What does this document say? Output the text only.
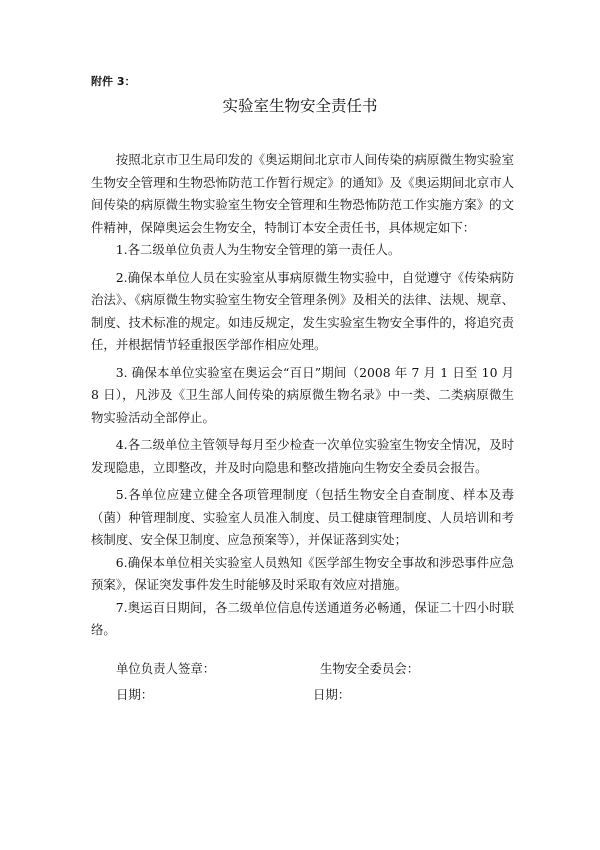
附件 3：
实验室生物安全责任书

按照北京市卫生局印发的《奥运期间北京市人间传染的病原微生物实验室生物安全管理和生物恐怖防范工作暂行规定》的通知》及《奥运期间北京市人间传染的病原微生物实验室生物安全管理和生物恐怖防范工作实施方案》的文件精神，保障奥运会生物安全，特制订本安全责任书，具体规定如下：

1.各二级单位负责人为生物安全管理的第一责任人。

2.确保本单位人员在实验室从事病原微生物实验中，自觉遵守《传染病防治法》、《病原微生物实验室生物安全管理条例》及相关的法律、法规、规章、制度、技术标准的规定。如违反规定，发生实验室生物安全事件的，将追究责任，并根据情节轻重报医学部作相应处理。

3. 确保本单位实验室在奥运会“百日”期间（2008 年 7 月 1 日至 10 月 8 日），凡涉及《卫生部人间传染的病原微生物名录》中一类、二类病原微生物实验活动全部停止。

4.各二级单位主管领导每月至少检查一次单位实验室生物安全情况，及时发现隐患，立即整改，并及时向隐患和整改措施向生物安全委员会报告。

5.各单位应建立健全各项管理制度（包括生物安全自查制度、样本及毒（菌）种管理制度、实验室人员准入制度、员工健康管理制度、人员培训和考核制度、安全保卫制度、应急预案等），并保证落到实处；

6.确保本单位相关实验室人员熟知《医学部生物安全事故和涉恐事件应急预案》，保证突发事件发生时能够及时采取有效应对措施。

7.奥运百日期间，各二级单位信息传送通道务必畅通，保证二十四小时联络。

单位负责人签章：	生物安全委员会：
日期：	日期：
